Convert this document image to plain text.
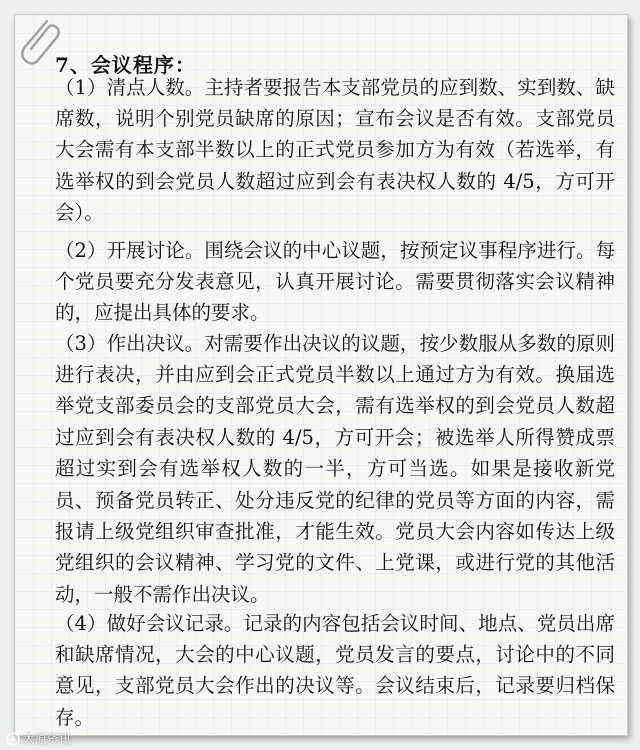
7、会议程序：

（1）清点人数。主持者要报告本支部党员的应到数、实到数、缺席数，说明个别党员缺席的原因；宣布会议是否有效。支部党员大会需有本支部半数以上的正式党员参加方为有效（若选举，有选举权的到会党员人数超过应到会有表决权人数的 4/5，方可开会）。

（2）开展讨论。围绕会议的中心议题，按预定议事程序进行。每个党员要充分发表意见，认真开展讨论。需要贯彻落实会议精神的，应提出具体的要求。

（3）作出决议。对需要作出决议的议题，按少数服从多数的原则进行表决，并由应到会正式党员半数以上通过方为有效。换届选举党支部委员会的支部党员大会，需有选举权的到会党员人数超过应到会有表决权人数的 4/5，方可开会；被选举人所得赞成票超过实到会有选举权人数的一半，方可当选。如果是接收新党员、预备党员转正、处分违反党的纪律的党员等方面的内容，需报请上级党组织审查批准，才能生效。党员大会内容如传达上级党组织的会议精神、学习党的文件、上党课，或进行党的其他活动，一般不需作出决议。

（4）做好会议记录。记录的内容包括会议时间、地点、党员出席和缺席情况，大会的中心议题，党员发言的要点，讨论中的不同意见，支部党员大会作出的决议等。会议结束后，记录要归档保存。

太原资讯
